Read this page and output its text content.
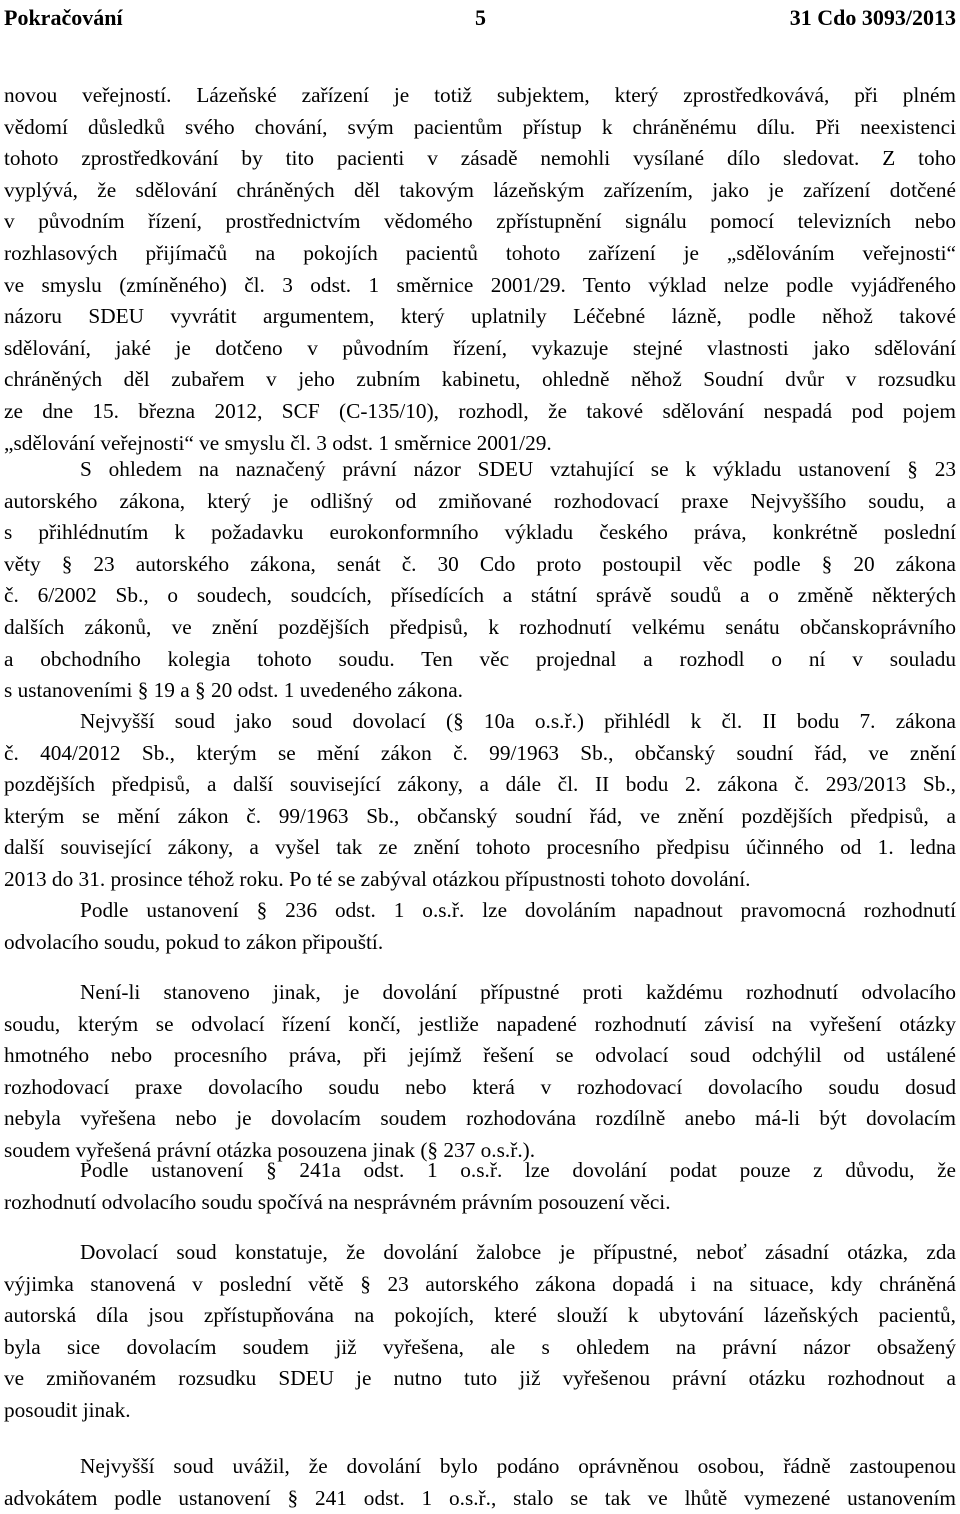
Pokračování	5	31 Cdo 3093/2013
novou veřejností. Lázeňské zařízení je totiž subjektem, který zprostředkovává, při plném
vědomí důsledků svého chování, svým pacientům přístup k chráněnému dílu. Při neexistenci
tohoto zprostředkování by tito pacienti v zásadě nemohli vysílané dílo sledovat. Z toho
vyplývá, že sdělování chráněných děl takovým lázeňským zařízením, jako je zařízení dotčené
v původním řízení, prostřednictvím vědomého zpřístupnění signálu pomocí televizních nebo
rozhlasových přijímačů na pokojích pacientů tohoto zařízení je „sdělováním veřejnosti“
ve smyslu (zmíněného) čl. 3 odst. 1 směrnice 2001/29. Tento výklad nelze podle vyjádřeného
názoru SDEU vyvrátit argumentem, který uplatnily Léčebné lázně, podle něhož takové
sdělování, jaké je dotčeno v původním řízení, vykazuje stejné vlastnosti jako sdělování
chráněných děl zubařem v jeho zubním kabinetu, ohledně něhož Soudní dvůr v rozsudku
ze dne 15. března 2012, SCF (C-135/10), rozhodl, že takové sdělování nespadá pod pojem
„sdělování veřejnosti“ ve smyslu čl. 3 odst. 1 směrnice 2001/29.
S ohledem na naznačený právní názor SDEU vztahující se k výkladu ustanovení § 23
autorského zákona, který je odlišný od zmiňované rozhodovací praxe Nejvyššího soudu, a
s přihlédnutím k požadavku eurokonformního výkladu českého práva, konkrétně poslední
věty § 23 autorského zákona, senát č. 30 Cdo proto postoupil věc podle § 20 zákona
č. 6/2002 Sb., o soudech, soudcích, přísedících a státní správě soudů a o změně některých
dalších zákonů, ve znění pozdějších předpisů, k rozhodnutí velkému senátu občanskoprávního
a obchodního kolegia tohoto soudu. Ten věc projednal a rozhodl o ní v souladu
s ustanoveními § 19 a § 20 odst. 1 uvedeného zákona.
Nejvyšší soud jako soud dovolací (§ 10a o.s.ř.) přihlédl k čl. II bodu 7. zákona
č. 404/2012 Sb., kterým se mění zákon č. 99/1963 Sb., občanský soudní řád, ve znění
pozdějších předpisů, a další související zákony, a dále čl. II bodu 2. zákona č. 293/2013 Sb.,
kterým se mění zákon č. 99/1963 Sb., občanský soudní řád, ve znění pozdějších předpisů, a
další související zákony, a vyšel tak ze znění tohoto procesního předpisu účinného od 1. ledna
2013 do 31. prosince téhož roku. Po té se zabýval otázkou přípustnosti tohoto dovolání.
Podle ustanovení § 236 odst. 1 o.s.ř. lze dovoláním napadnout pravomocná rozhodnutí
odvolacího soudu, pokud to zákon připouští.
Není-li stanoveno jinak, je dovolání přípustné proti každému rozhodnutí odvolacího
soudu, kterým se odvolací řízení končí, jestliže napadené rozhodnutí závisí na vyřešení otázky
hmotného nebo procesního práva, při jejímž řešení se odvolací soud odchýlil od ustálené
rozhodovací praxe dovolacího soudu nebo která v rozhodovací dovolacího soudu dosud
nebyla vyřešena nebo je dovolacím soudem rozhodována rozdílně anebo má-li být dovolacím
soudem vyřešená právní otázka posouzena jinak (§ 237 o.s.ř.).
Podle ustanovení § 241a odst. 1 o.s.ř. lze dovolání podat pouze z důvodu, že
rozhodnutí odvolacího soudu spočívá na nesprávném právním posouzení věci.
Dovolací soud konstatuje, že dovolání žalobce je přípustné, neboť zásadní otázka, zda
výjimka stanovená v poslední větě § 23 autorského zákona dopadá i na situace, kdy chráněná
autorská díla jsou zpřístupňována na pokojích, které slouží k ubytování lázeňských pacientů,
byla sice dovolacím soudem již vyřešena, ale s ohledem na právní názor obsažený
ve zmiňovaném rozsudku SDEU je nutno tuto již vyřešenou právní otázku rozhodnout a
posoudit jinak.
Nejvyšší soud uvážil, že dovolání bylo podáno oprávněnou osobou, řádně zastoupenou
advokátem podle ustanovení § 241 odst. 1 o.s.ř., stalo se tak ve lhůtě vymezené ustanovením
